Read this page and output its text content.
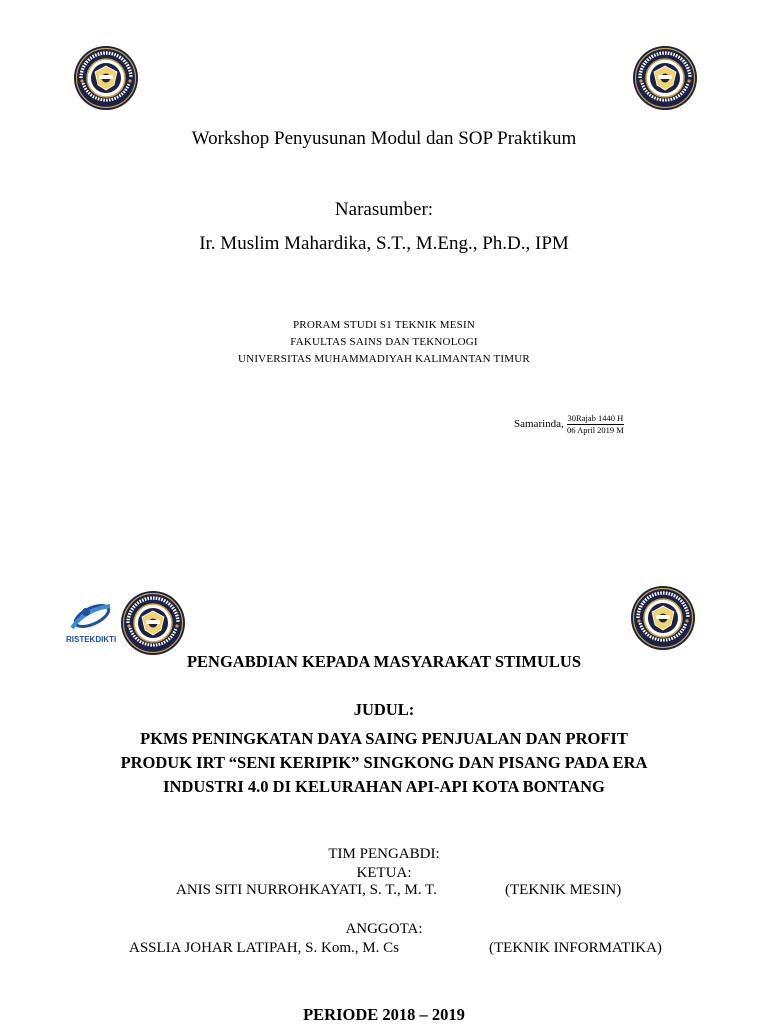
Workshop Penyusunan Modul dan SOP Praktikum
Narasumber:
Ir. Muslim Mahardika, S.T., M.Eng., Ph.D., IPM
PRORAM STUDI S1 TEKNIK MESIN
FAKULTAS SAINS DAN TEKNOLOGI
UNIVERSITAS MUHAMMADIYAH KALIMANTAN TIMUR
Samarinda, $\frac{\text{30Rajab 1440 H}}{\text{06 April 2019 M}}$
RISTEKDIKTI
PENGABDIAN KEPADA MASYARAKAT STIMULUS
JUDUL:
PKMS PENINGKATAN DAYA SAING PENJUALAN DAN PROFIT
PRODUK IRT “SENI KERIPIK” SINGKONG DAN PISANG PADA ERA
INDUSTRI 4.0 DI KELURAHAN API-API KOTA BONTANG
TIM PENGABDI:
KETUA:
ANIS SITI NURROHKAYATI, S. T., M. T.	(TEKNIK MESIN)
ANGGOTA:
ASSLIA JOHAR LATIPAH, S. Kom., M. Cs	(TEKNIK INFORMATIKA)
PERIODE 2018 – 2019
